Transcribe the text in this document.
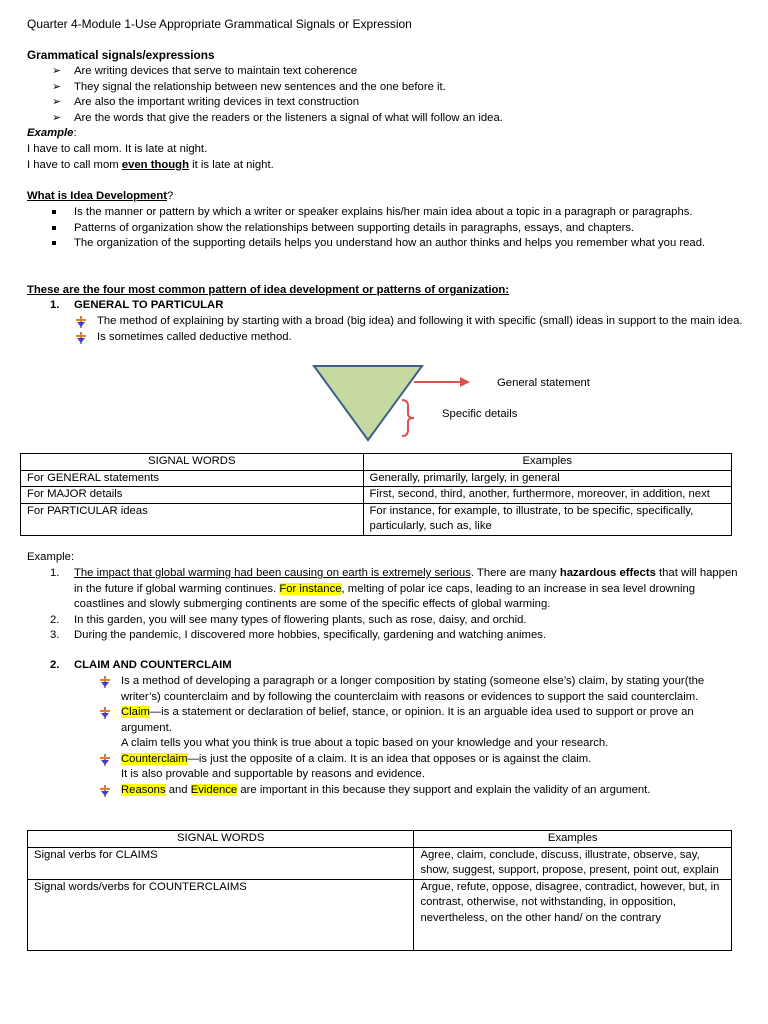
Quarter 4-Module 1-Use Appropriate Grammatical Signals or Expression
Grammatical signals/expressions
➢ Are writing devices that serve to maintain text coherence
➢ They signal the relationship between new sentences and the one before it.
➢ Are also the important writing devices in text construction
➢ Are the words that give the readers or the listeners a signal of what will follow an idea.
Example:
I have to call mom. It is late at night.
I have to call mom even though it is late at night.
What is Idea Development?
Is the manner or pattern by which a writer or speaker explains his/her main idea about a topic in a paragraph or paragraphs.
Patterns of organization show the relationships between supporting details in paragraphs, essays, and chapters.
The organization of the supporting details helps you understand how an author thinks and helps you remember what you read.
These are the four most common pattern of idea development or patterns of organization:
1. GENERAL TO PARTICULAR
The method of explaining by starting with a broad (big idea) and following it with specific (small) ideas in support to the main idea.
Is sometimes called deductive method.
General statement
Specific details
SIGNAL WORDS	Examples
For GENERAL statements	Generally, primarily, largely, in general
For MAJOR details	First, second, third, another, furthermore, moreover, in addition, next
For PARTICULAR ideas	For instance, for example, to illustrate, to be specific, specifically, particularly, such as, like
Example:
1. The impact that global warming had been causing on earth is extremely serious. There are many hazardous effects that will happen in the future if global warming continues. For instance, melting of polar ice caps, leading to an increase in sea level drowning coastlines and slowly submerging continents are some of the specific effects of global warming.
2. In this garden, you will see many types of flowering plants, such as rose, daisy, and orchid.
3. During the pandemic, I discovered more hobbies, specifically, gardening and watching animes.
2. CLAIM AND COUNTERCLAIM
Is a method of developing a paragraph or a longer composition by stating (someone else’s) claim, by stating your(the writer’s) counterclaim and by following the counterclaim with reasons or evidences to support the said counterclaim.
Claim—is a statement or declaration of belief, stance, or opinion. It is an arguable idea used to support or prove an argument.
A claim tells you what you think is true about a topic based on your knowledge and your research.
Counterclaim—is just the opposite of a claim. It is an idea that opposes or is against the claim.
It is also provable and supportable by reasons and evidence.
Reasons and Evidence are important in this because they support and explain the validity of an argument.
SIGNAL WORDS	Examples
Signal verbs for CLAIMS	Agree, claim, conclude, discuss, illustrate, observe, say, show, suggest, support, propose, present, point out, explain
Signal words/verbs for COUNTERCLAIMS	Argue, refute, oppose, disagree, contradict, however, but, in contrast, otherwise, not withstanding, in opposition, nevertheless, on the other hand/ on the contrary
